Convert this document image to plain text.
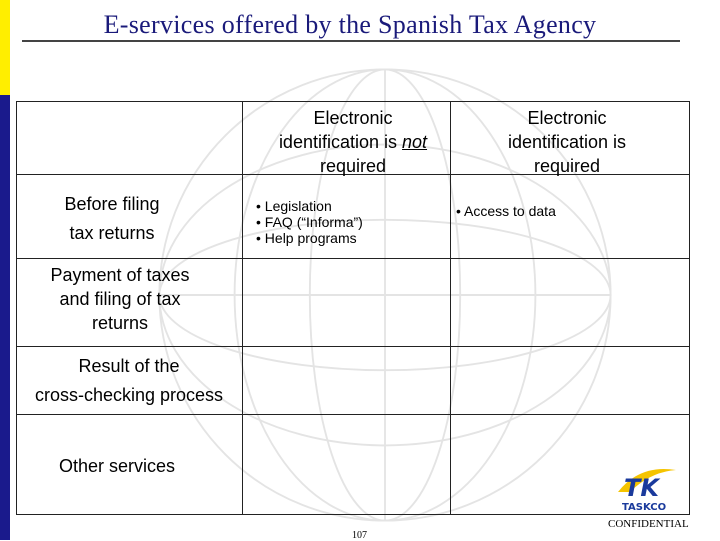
E-services offered by the Spanish Tax Agency
Electronic
identification is not
required
Electronic
identification is
required
Before filing
tax returns
• Legislation
• FAQ (“Informa”)
• Help programs
• Access to data
Payment of taxes
and filing of tax
returns
Result of the
cross-checking process
Other services
TK
TASKCO
CONFIDENTIAL
107
